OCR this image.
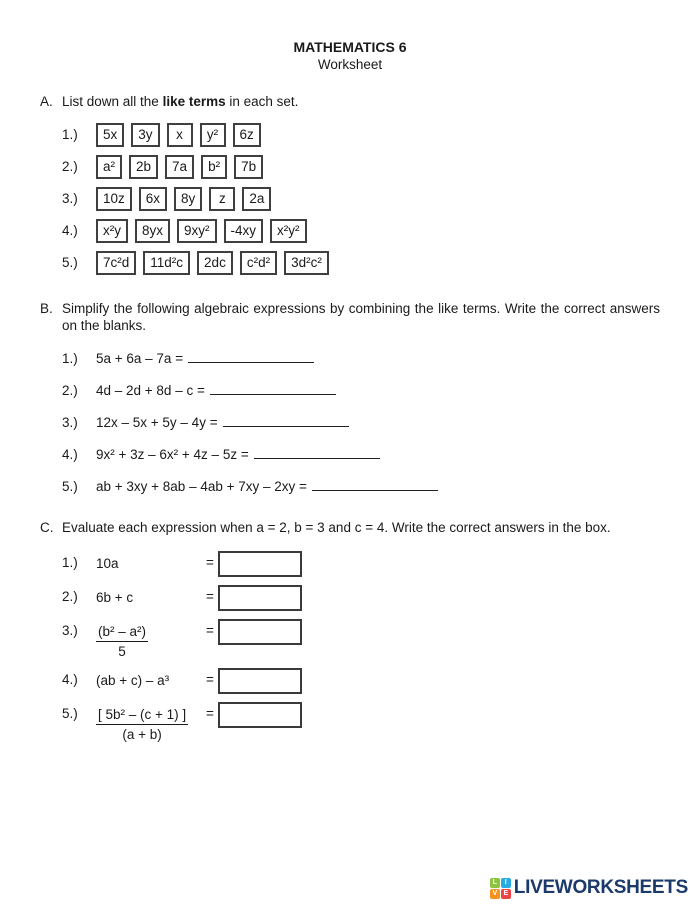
MATHEMATICS 6
Worksheet
A. List down all the like terms in each set.
1.)	5x	3y	x	y²	6z
2.)	a²	2b	7a	b²	7b
3.)	10z	6x	8y	z	2a
4.)	x²y	8yx	9xy²	-4xy	x²y²
5.)	7c²d	11d²c	2dc	c²d²	3d²c²
B. Simplify the following algebraic expressions by combining the like terms. Write the correct answers on the blanks.
1.)	5a + 6a – 7a =
2.)	4d – 2d + 8d – c =
3.)	12x – 5x + 5y – 4y =
4.)	9x² + 3z – 6x² + 4z – 5z =
5.)	ab + 3xy + 8ab – 4ab + 7xy – 2xy =
C. Evaluate each expression when a = 2, b = 3 and c = 4. Write the correct answers in the box.
1.)	10a	=
2.)	6b + c	=
3.)	$\frac{\text{(b² – a²)}}{5}$	=
4.)	(ab + c) – a³	=
5.)	$\frac{\text{[ 5b² – (c + 1) ]}}{(a + b)}$ =
L	I
V E LIVEWORKSHEETS
